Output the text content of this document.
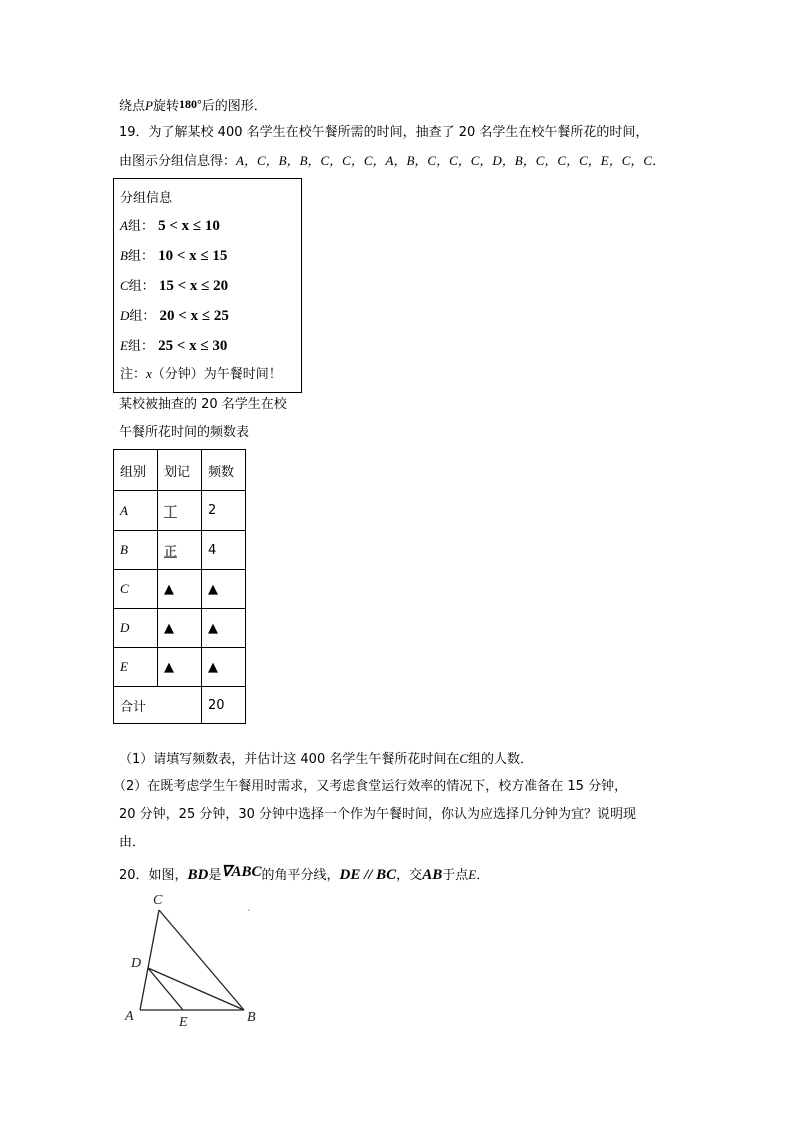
绕点P旋转180°后的图形．
19．为了解某校 400 名学生在校午餐所需的时间，抽查了 20 名学生在校午餐所花的时间，
由图示分组信息得：A，C，B，B，C，C，C，A，B，C，C，C，D，B，C，C，C，E，C，C．
分组信息
A组： 5 < x ≤ 10
B组： 10 < x ≤ 15
C组： 15 < x ≤ 20
D组： 20 < x ≤ 25
E组： 25 < x ≤ 30
注：x（分钟）为午餐时间！
某校被抽查的 20 名学生在校
午餐所花时间的频数表
组别	划记	频数
A	丅	2
B	正	4
C	▲	▲
D	▲	▲
E	▲	▲
合计		20
（1）请填写频数表，并估计这 400 名学生午餐所花时间在C组的人数．
（2）在既考虑学生午餐用时需求，又考虑食堂运行效率的情况下，校方准备在 15 分钟，
20 分钟，25 分钟，30 分钟中选择一个作为午餐时间，你认为应选择几分钟为宜？说明现
由．
20．如图，BD是∇ABC的角平分线，DE // BC，交AB于点E．
C
D
A	E	B
